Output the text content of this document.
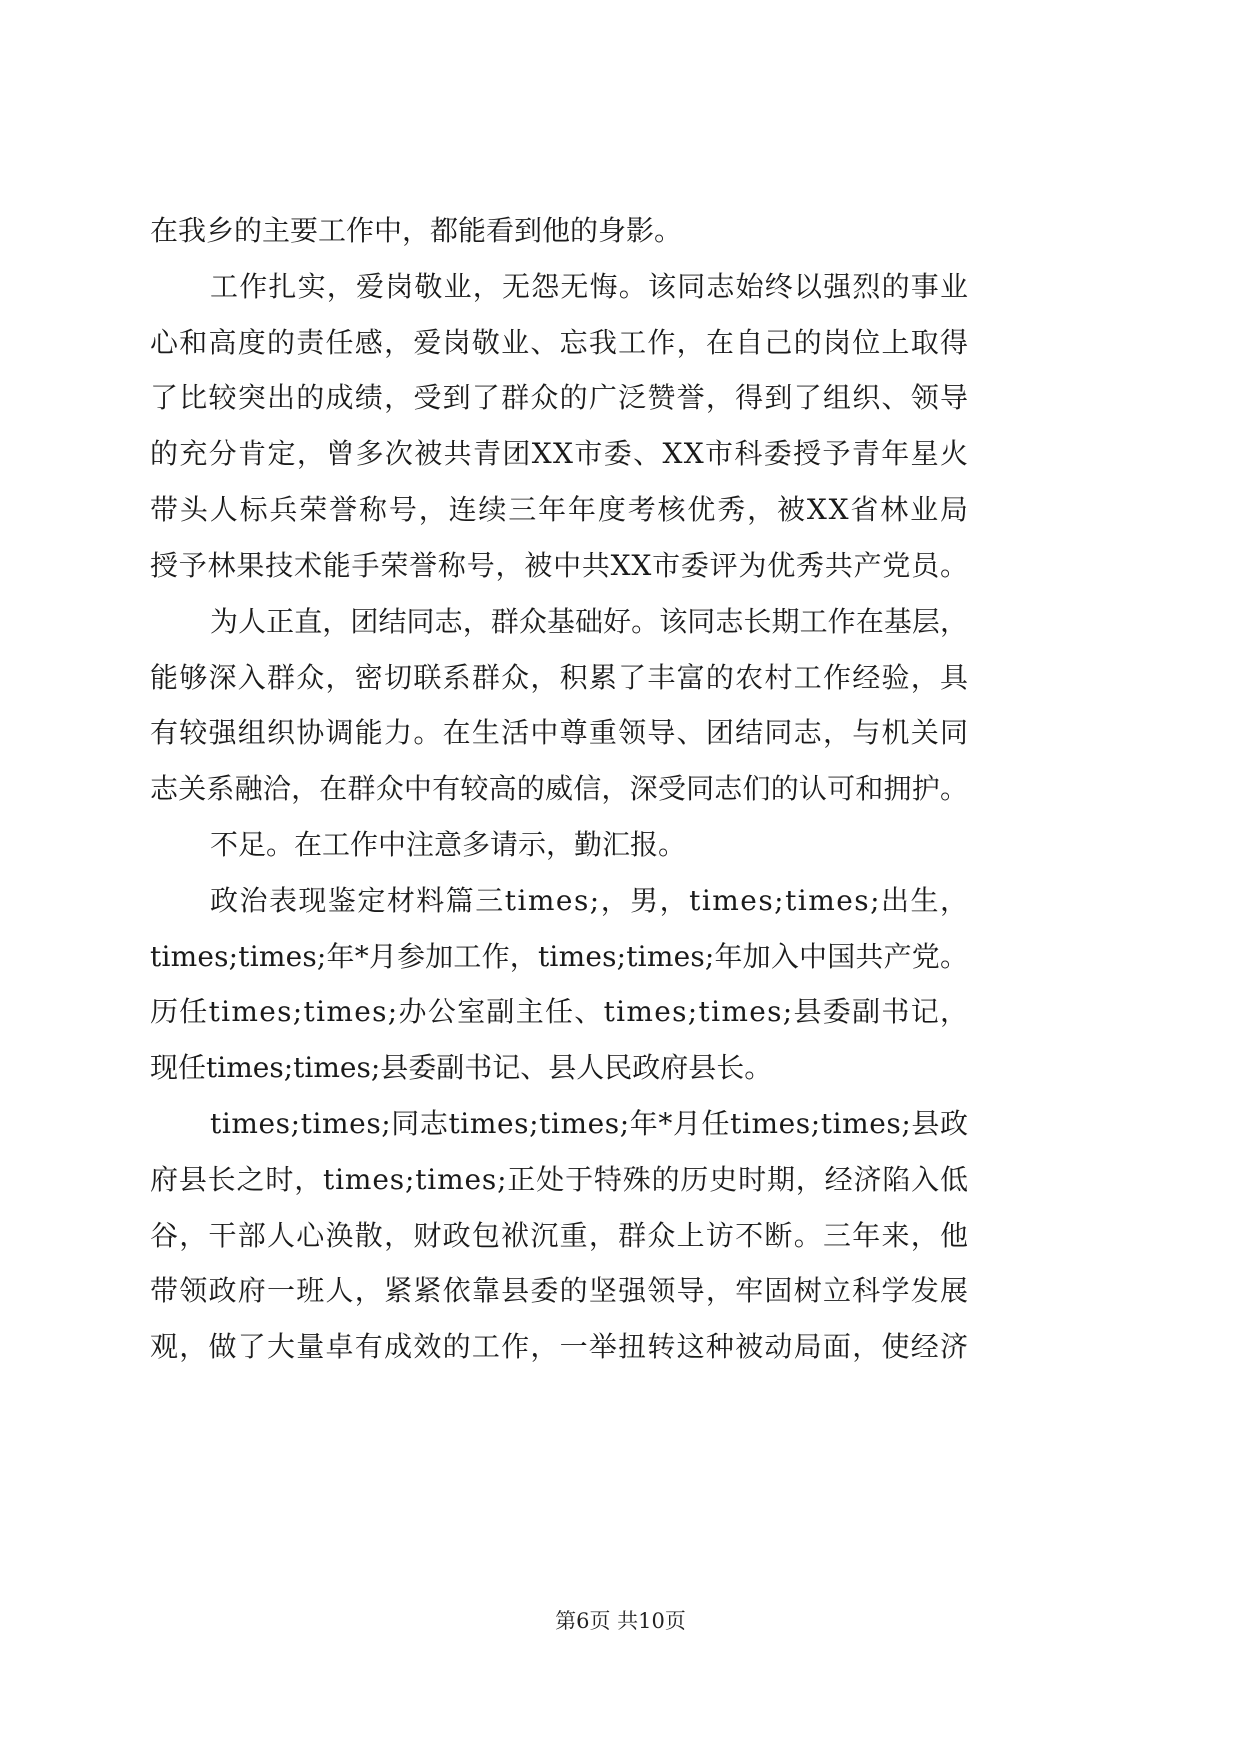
在我乡的主要工作中，都能看到他的身影。
工作扎实，爱岗敬业，无怨无悔。该同志始终以强烈的事业
心和高度的责任感，爱岗敬业、忘我工作，在自己的岗位上取得
了比较突出的成绩，受到了群众的广泛赞誉，得到了组织、领导
的充分肯定，曾多次被共青团XX市委、XX市科委授予青年星火
带头人标兵荣誉称号，连续三年年度考核优秀，被XX省林业局
授予林果技术能手荣誉称号，被中共XX市委评为优秀共产党员。
为人正直，团结同志，群众基础好。该同志长期工作在基层，
能够深入群众，密切联系群众，积累了丰富的农村工作经验，具
有较强组织协调能力。在生活中尊重领导、团结同志，与机关同
志关系融洽，在群众中有较高的威信，深受同志们的认可和拥护。
不足。在工作中注意多请示，勤汇报。
政治表现鉴定材料篇三times;，男，times;times;出生，
times;times;年*月参加工作，times;times;年加入中国共产党。
历任times;times;办公室副主任、times;times;县委副书记，
现任times;times;县委副书记、县人民政府县长。
times;times;同志times;times;年*月任times;times;县政
府县长之时，times;times;正处于特殊的历史时期，经济陷入低
谷，干部人心涣散，财政包袱沉重，群众上访不断。三年来，他
带领政府一班人，紧紧依靠县委的坚强领导，牢固树立科学发展
观，做了大量卓有成效的工作，一举扭转这种被动局面，使经济
第6页 共10页
